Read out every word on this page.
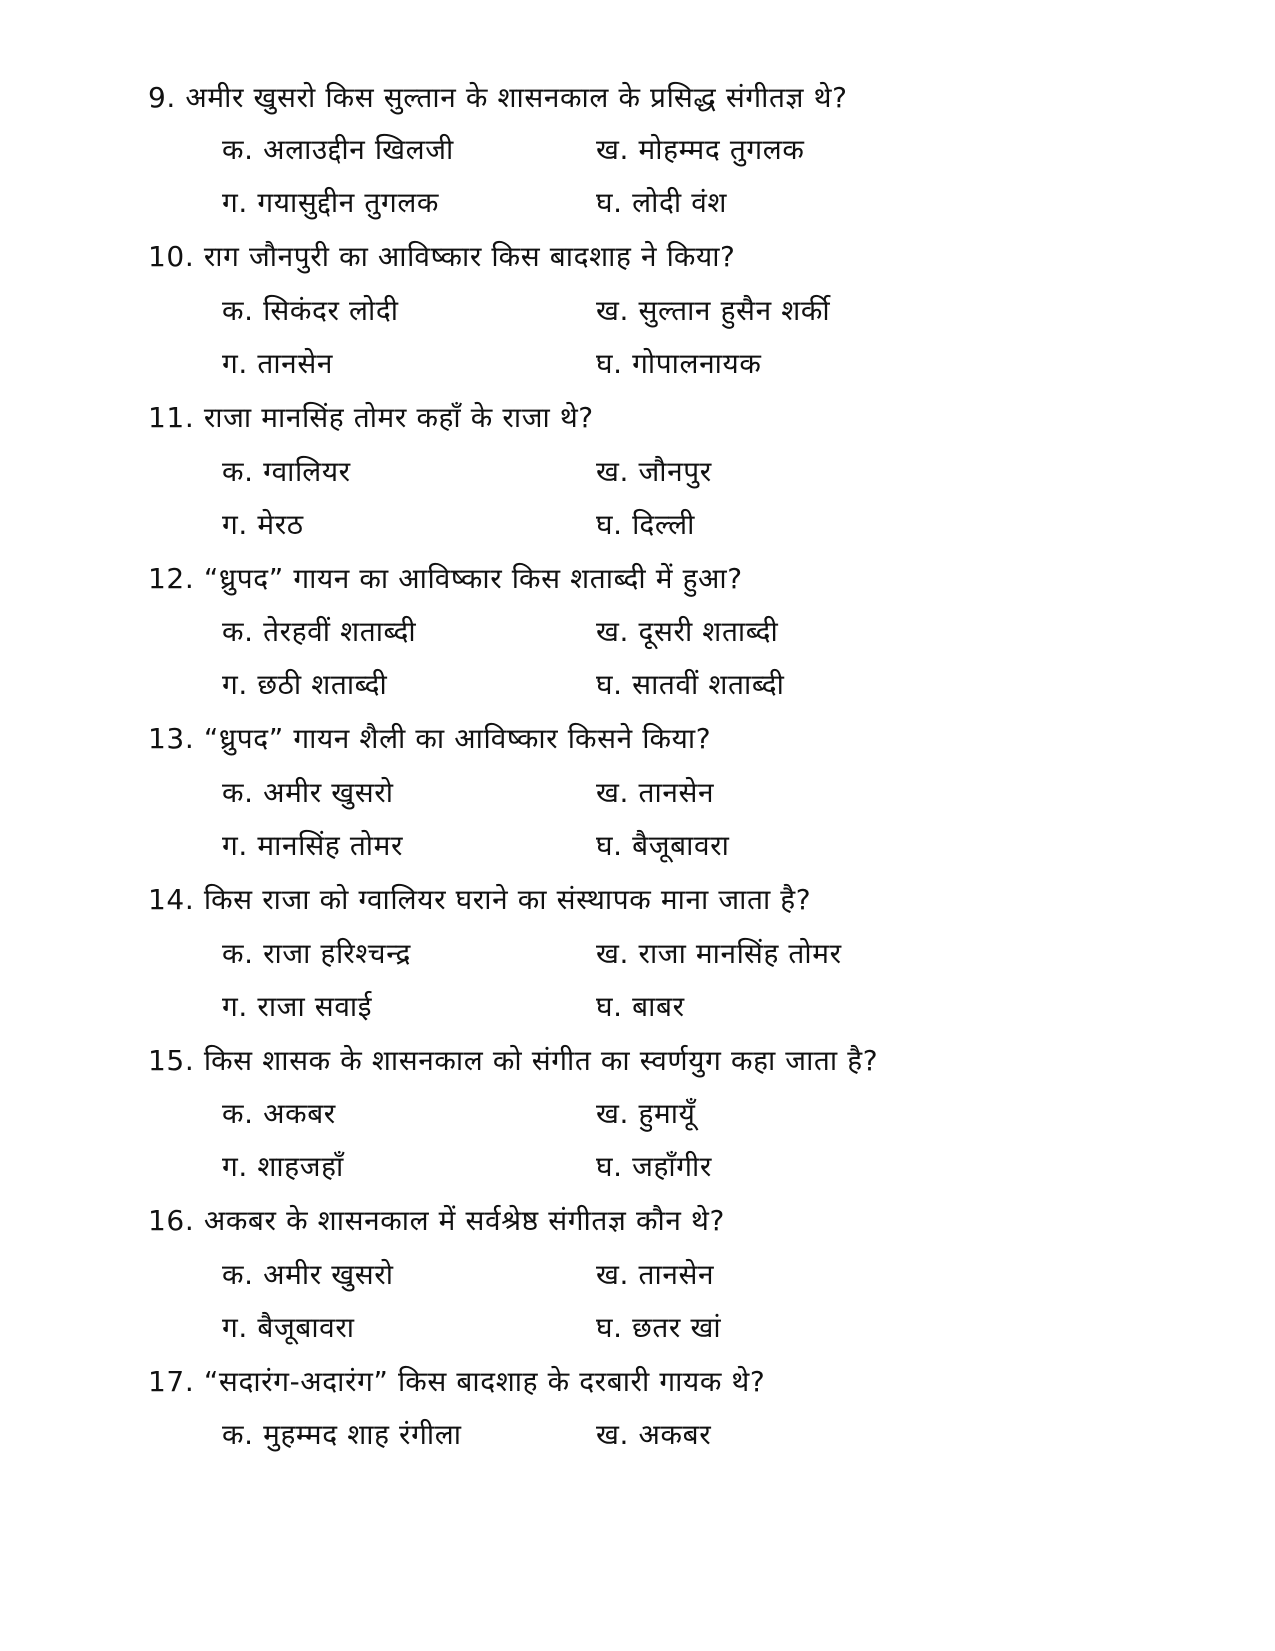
9. अमीर खुसरो किस सुल्तान के शासनकाल के प्रसिद्ध संगीतज्ञ थे?
क. अलाउद्दीन खिलजी	ख. मोहम्मद तुगलक
ग. गयासुद्दीन तुगलक	घ. लोदी वंश
10. राग जौनपुरी का आविष्कार किस बादशाह ने किया?
क. सिकंदर लोदी	ख. सुल्तान हुसैन शर्की
ग. तानसेन	घ. गोपालनायक
11. राजा मानसिंह तोमर कहाँ के राजा थे?
क. ग्वालियर	ख. जौनपुर
ग. मेरठ	घ. दिल्ली
12. “ध्रुपद” गायन का आविष्कार किस शताब्दी में हुआ?
क. तेरहवीं शताब्दी	ख. दूसरी शताब्दी
ग. छठी शताब्दी	घ. सातवीं शताब्दी
13. “ध्रुपद” गायन शैली का आविष्कार किसने किया?
क. अमीर खुसरो	ख. तानसेन
ग. मानसिंह तोमर	घ. बैजूबावरा
14. किस राजा को ग्वालियर घराने का संस्थापक माना जाता है?
क. राजा हरिश्चन्द्र	ख. राजा मानसिंह तोमर
ग. राजा सवाई	घ. बाबर
15. किस शासक के शासनकाल को संगीत का स्वर्णयुग कहा जाता है?
क. अकबर	ख. हुमायूँ
ग. शाहजहाँ	घ. जहाँगीर
16. अकबर के शासनकाल में सर्वश्रेष्ठ संगीतज्ञ कौन थे?
क. अमीर खुसरो	ख. तानसेन
ग. बैजूबावरा	घ. छतर खां
17. “सदारंग-अदारंग” किस बादशाह के दरबारी गायक थे?
क. मुहम्मद शाह रंगीला	ख. अकबर
